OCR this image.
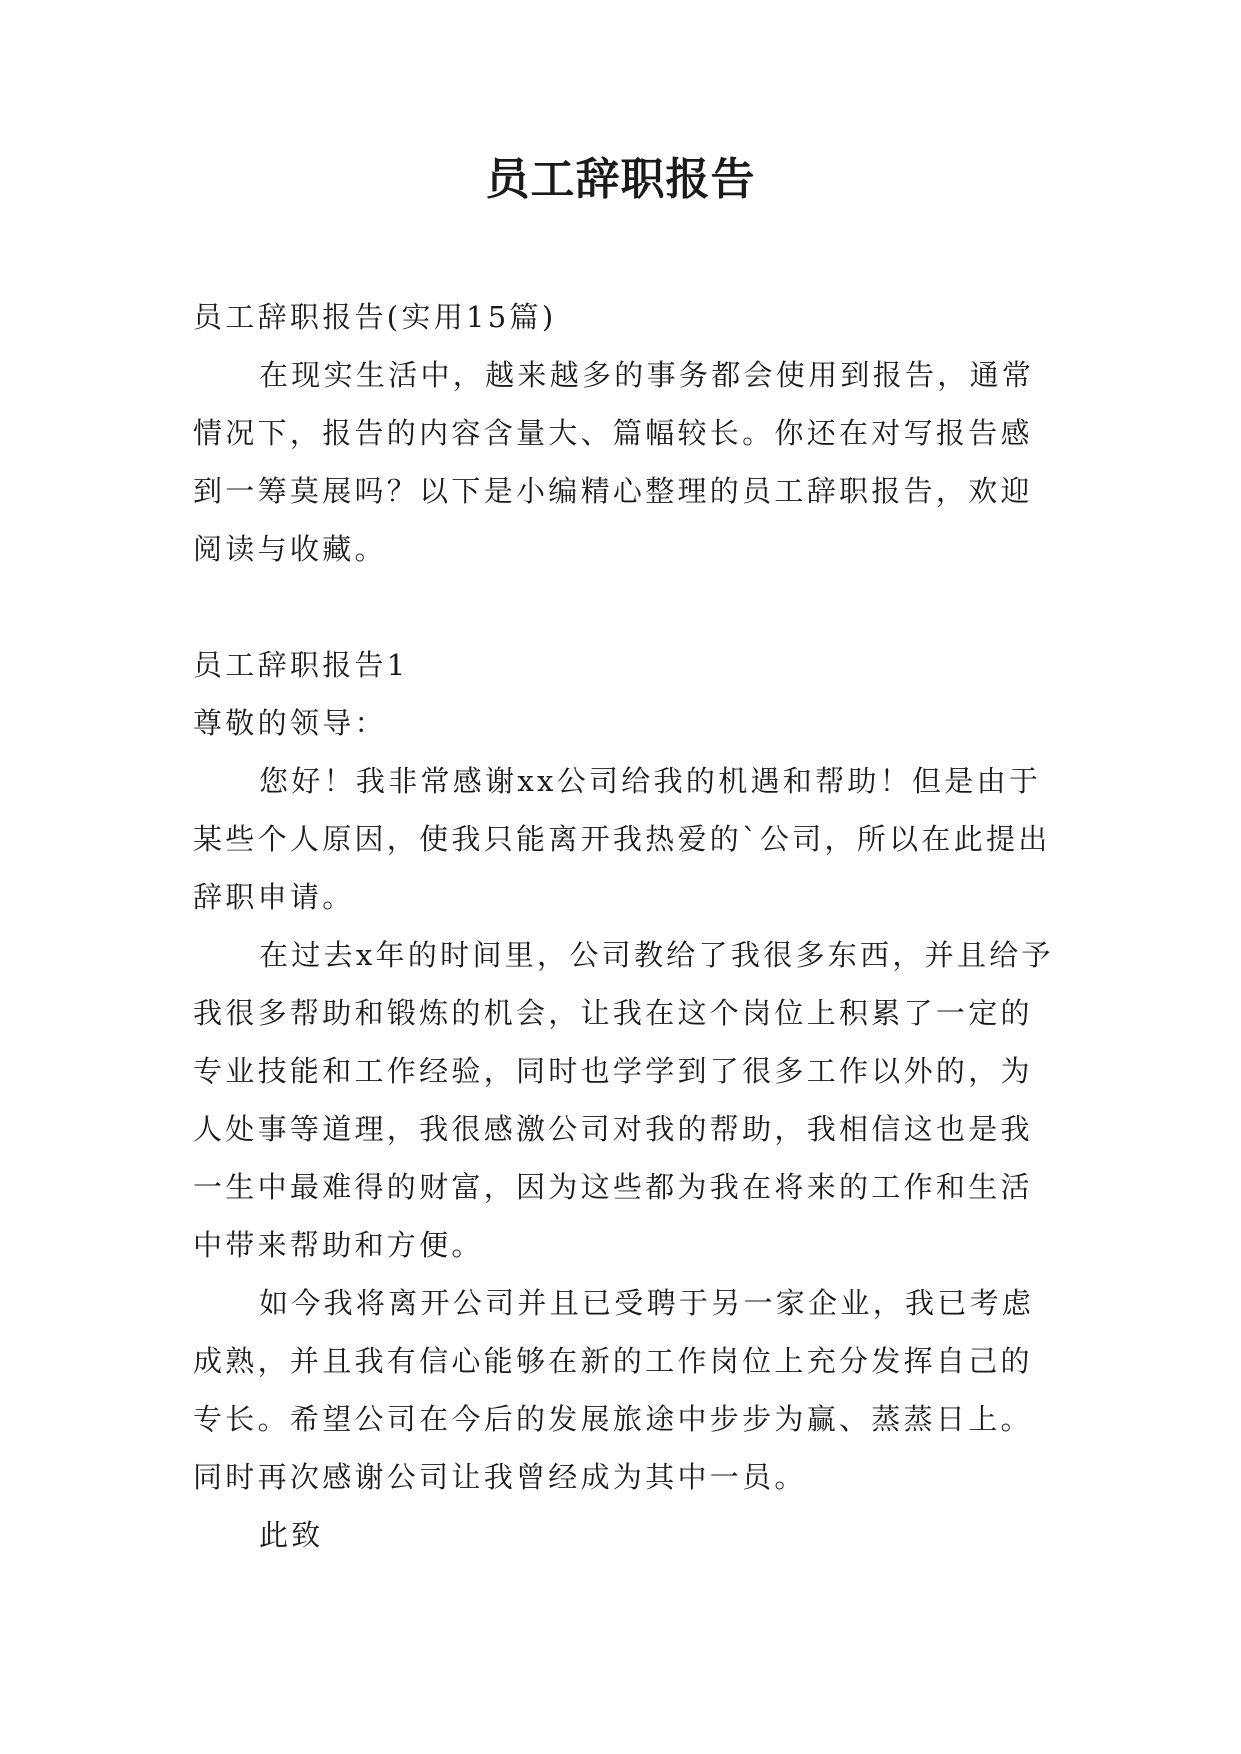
员工辞职报告

员工辞职报告(实用15篇)

在现实生活中，越来越多的事务都会使用到报告，通常情况下，报告的内容含量大、篇幅较长。你还在对写报告感到一筹莫展吗？以下是小编精心整理的员工辞职报告，欢迎阅读与收藏。

员工辞职报告1

尊敬的领导：

您好！我非常感谢xx公司给我的机遇和帮助！但是由于某些个人原因，使我只能离开我热爱的`公司，所以在此提出辞职申请。

在过去x年的时间里，公司教给了我很多东西，并且给予我很多帮助和锻炼的机会，让我在这个岗位上积累了一定的专业技能和工作经验，同时也学学到了很多工作以外的，为人处事等道理，我很感激公司对我的帮助，我相信这也是我一生中最难得的财富，因为这些都为我在将来的工作和生活中带来帮助和方便。

如今我将离开公司并且已受聘于另一家企业，我已考虑成熟，并且我有信心能够在新的工作岗位上充分发挥自己的专长。希望公司在今后的发展旅途中步步为赢、蒸蒸日上。同时再次感谢公司让我曾经成为其中一员。

此致
